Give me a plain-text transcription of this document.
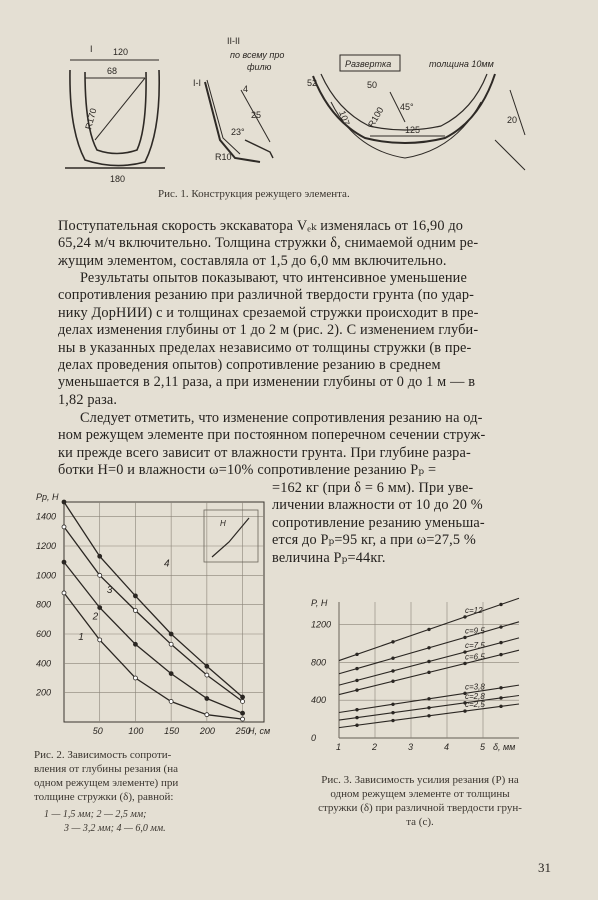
120
68
180
I
R170
II-II
по всему про
филю
I-I
4
23°
25
R10
Развертка	толщина 10мм
52	50
107
45°
R100
125
20
Рис. 1. Конструкция режущего элемента.
Поступательная скорость экскаватора Vₑₖ изменялась от 16,90 до
65,24 м/ч включительно. Толщина стружки δ, снимаемой одним ре-
жущим элементом, составляла от 1,5 до 6,0 мм включительно.
Результаты опытов показывают, что интенсивное уменьшение
сопротивления резанию при различной твердости грунта (по удар-
нику ДорНИИ) c и толщинах срезаемой стружки происходит в пре-
делах изменения глубины от 1 до 2 м (рис. 2). С изменением глуби-
ны в указанных пределах независимо от толщины стружки (в пре-
делах проведения опытов) сопротивление резанию в среднем
уменьшается в 2,11 раза, а при изменении глубины от 0 до 1 м — в
1,82 раза.
Следует отметить, что изменение сопротивления резанию на од-
ном режущем элементе при постоянном поперечном сечении струж-
ки прежде всего зависит от влажности грунта. При глубине разра-
ботки H=0 и влажности ω=10% сопротивление резанию Pₚ =
=162 кг (при δ = 6 мм). При уве-
личении влажности от 10 до 20 %
сопротивление резанию уменьша-
ется до Pₚ=95 кг, а при ω=27,5 %
величина Pₚ=44кг.
50	100 150 200 250
200
400
600
800
1000
1200
1400
Pр, Н
Н, см
4
3
2
1
H
Рис. 2. Зависимость сопроти-
вления от глубины резания (на
одном режущем элементе) при
толщине стружки (δ), равной:
1 — 1,5 мм; 2 — 2,5 мм;
3 — 3,2 мм; 4 — 6,0 мм.
1	2	3	4	5
0
400
800
1200
P, Н
δ, мм
c=12
c=9,5
c=7,5
c=6,5
c=3,8
c=2,8
c=2,5
Рис. 3. Зависимость усилия резания (P) на
одном режущем элементе от толщины
стружки (δ) при различной твердости грун-
та (c).
31
